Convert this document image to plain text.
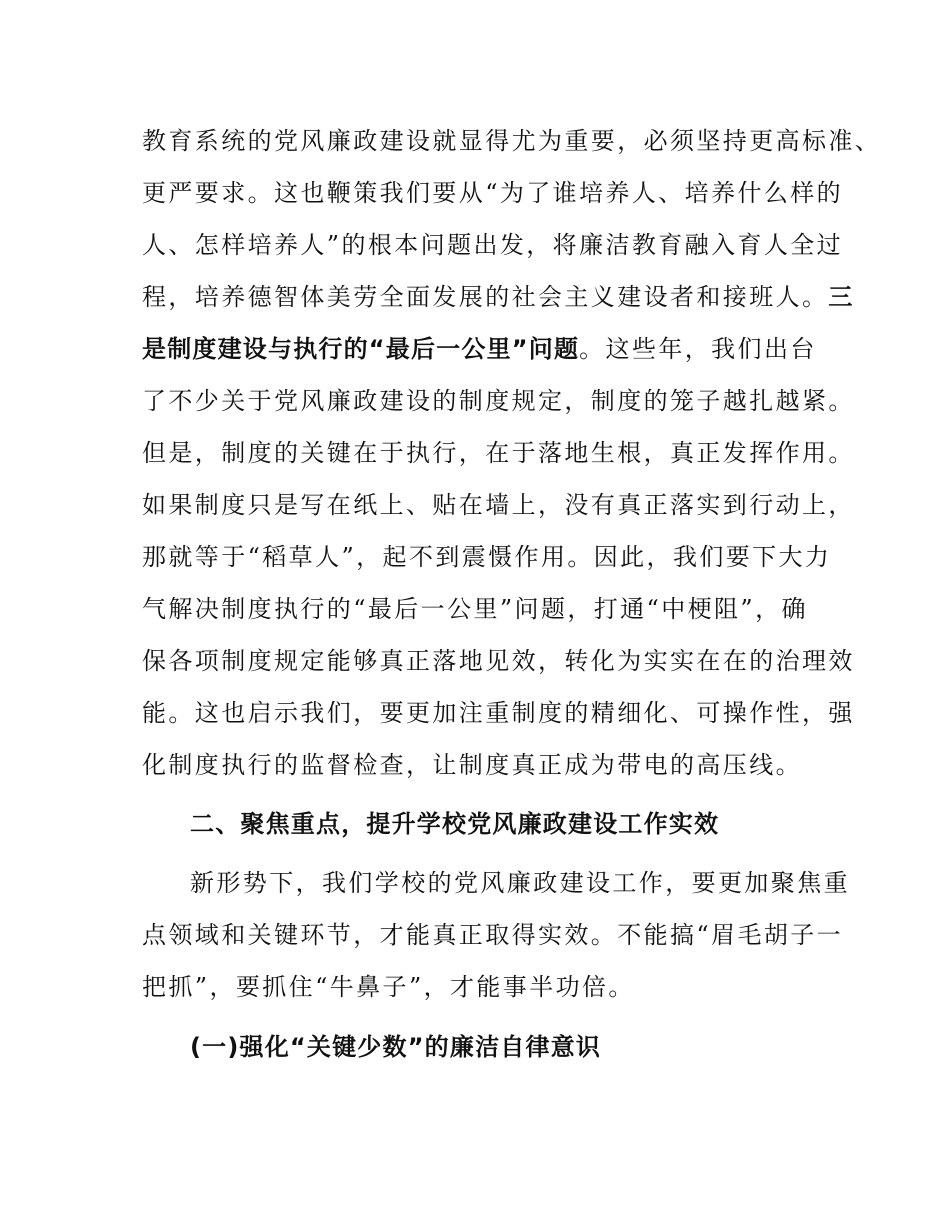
教育系统的党风廉政建设就显得尤为重要，必须坚持更高标准、
更严要求。这也鞭策我们要从“为了谁培养人、培养什么样的
人、怎样培养人”的根本问题出发，将廉洁教育融入育人全过
程，培养德智体美劳全面发展的社会主义建设者和接班人。三
是制度建设与执行的“最后一公里”问题。这些年，我们出台
了不少关于党风廉政建设的制度规定，制度的笼子越扎越紧。
但是，制度的关键在于执行，在于落地生根，真正发挥作用。
如果制度只是写在纸上、贴在墙上，没有真正落实到行动上，
那就等于“稻草人”，起不到震慑作用。因此，我们要下大力
气解决制度执行的“最后一公里”问题，打通“中梗阻”，确
保各项制度规定能够真正落地见效，转化为实实在在的治理效
能。这也启示我们，要更加注重制度的精细化、可操作性，强
化制度执行的监督检查，让制度真正成为带电的高压线。
二、聚焦重点，提升学校党风廉政建设工作实效
新形势下，我们学校的党风廉政建设工作，要更加聚焦重
点领域和关键环节，才能真正取得实效。不能搞“眉毛胡子一
把抓”，要抓住“牛鼻子”，才能事半功倍。
(一)强化“关键少数”的廉洁自律意识
